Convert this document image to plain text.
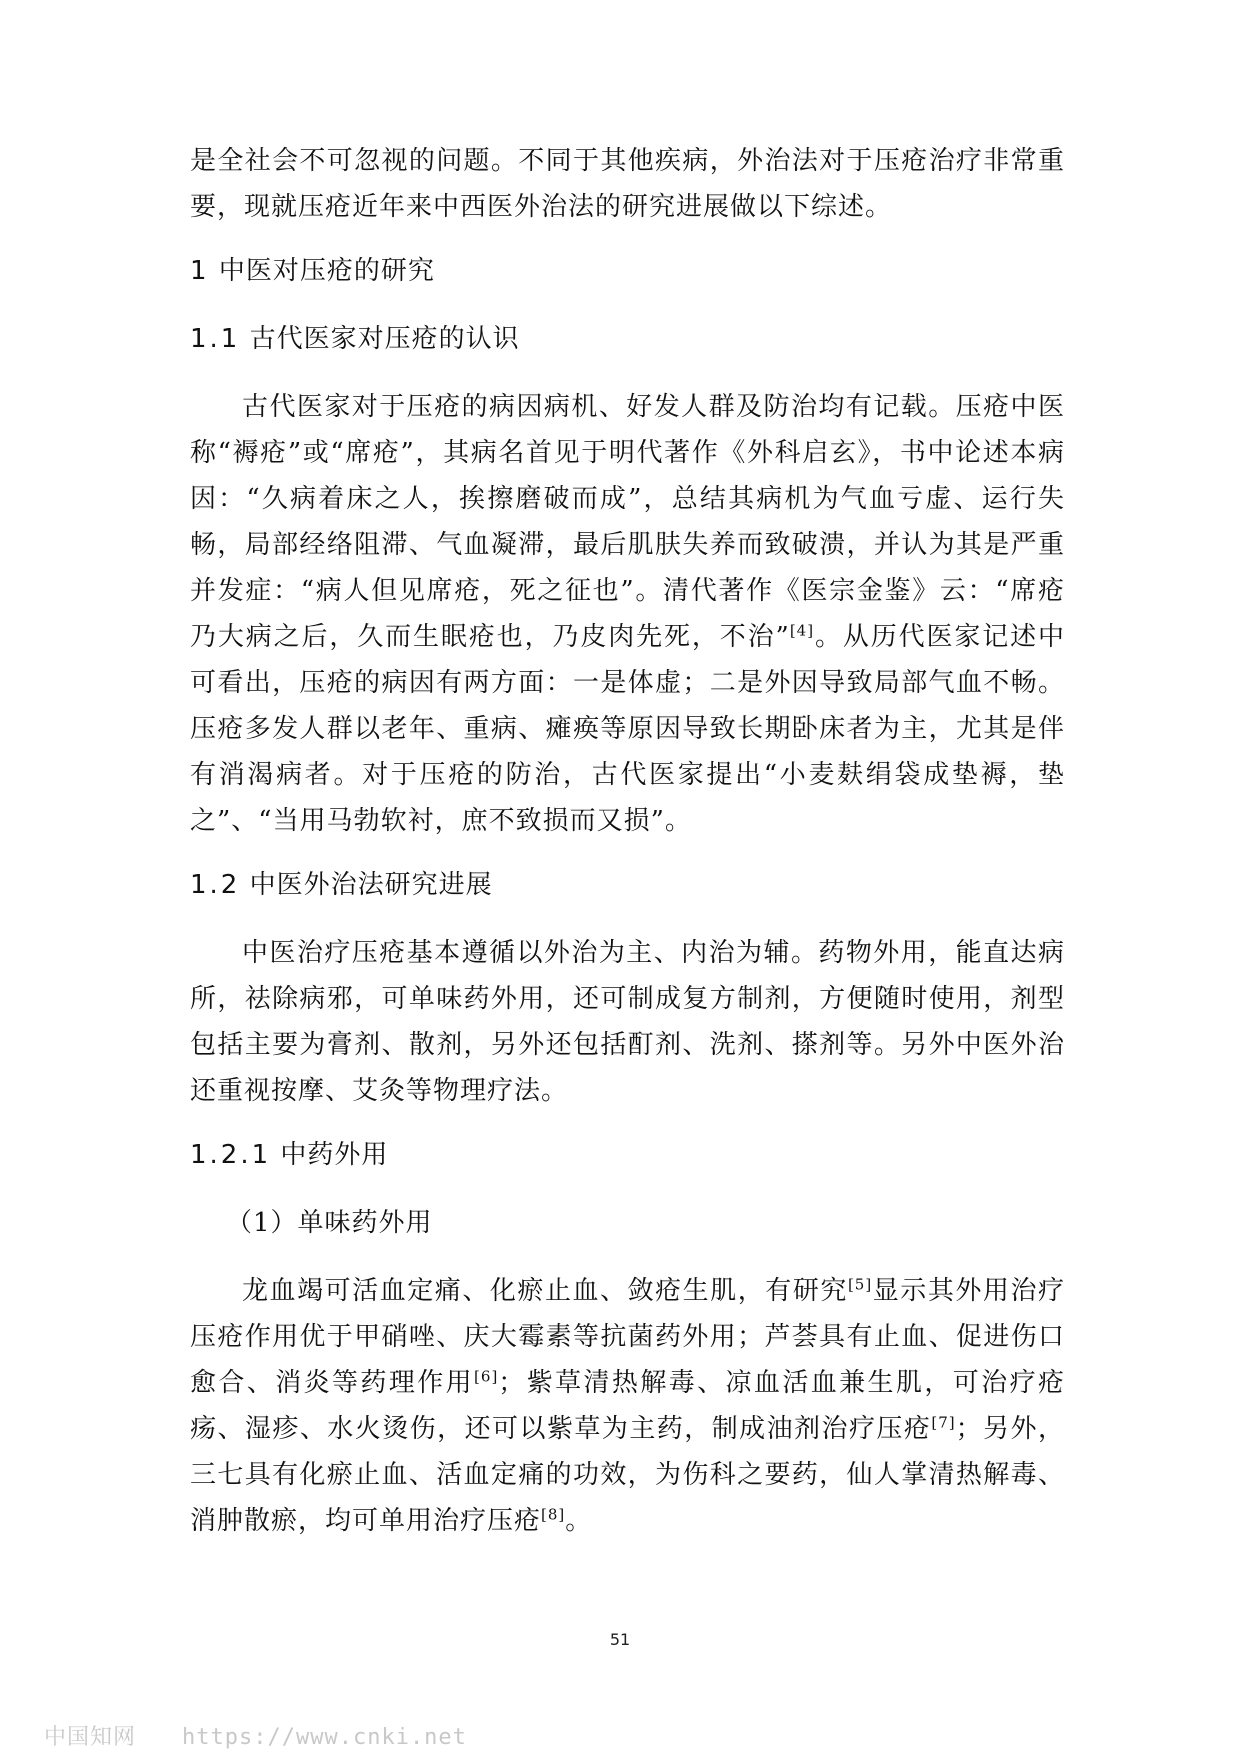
是全社会不可忽视的问题。不同于其他疾病，外治法对于压疮治疗非常重要，现就压疮近年来中西医外治法的研究进展做以下综述。

1 中医对压疮的研究

1.1 古代医家对压疮的认识

古代医家对于压疮的病因病机、好发人群及防治均有记载。压疮中医称“褥疮”或“席疮”，其病名首见于明代著作《外科启玄》，书中论述本病因：“久病着床之人，挨擦磨破而成”，总结其病机为气血亏虚、运行失畅，局部经络阻滞、气血凝滞，最后肌肤失养而致破溃，并认为其是严重并发症：“病人但见席疮，死之征也”。清代著作《医宗金鉴》云：“席疮乃大病之后，久而生眠疮也，乃皮肉先死，不治”[4]。从历代医家记述中可看出，压疮的病因有两方面：一是体虚；二是外因导致局部气血不畅。压疮多发人群以老年、重病、瘫痪等原因导致长期卧床者为主，尤其是伴有消渴病者。对于压疮的防治，古代医家提出“小麦麸绢袋成垫褥，垫之”、“当用马勃软衬，庶不致损而又损”。

1.2 中医外治法研究进展

中医治疗压疮基本遵循以外治为主、内治为辅。药物外用，能直达病所，祛除病邪，可单味药外用，还可制成复方制剂，方便随时使用，剂型包括主要为膏剂、散剂，另外还包括酊剂、洗剂、搽剂等。另外中医外治还重视按摩、艾灸等物理疗法。

1.2.1 中药外用

（1）单味药外用

龙血竭可活血定痛、化瘀止血、敛疮生肌，有研究[5]显示其外用治疗压疮作用优于甲硝唑、庆大霉素等抗菌药外用；芦荟具有止血、促进伤口愈合、消炎等药理作用[6]；紫草清热解毒、凉血活血兼生肌，可治疗疮疡、湿疹、水火烫伤，还可以紫草为主药，制成油剂治疗压疮[7]；另外，三七具有化瘀止血、活血定痛的功效，为伤科之要药，仙人掌清热解毒、消肿散瘀，均可单用治疗压疮[8]。

51
中国知网 https://www.cnki.net
